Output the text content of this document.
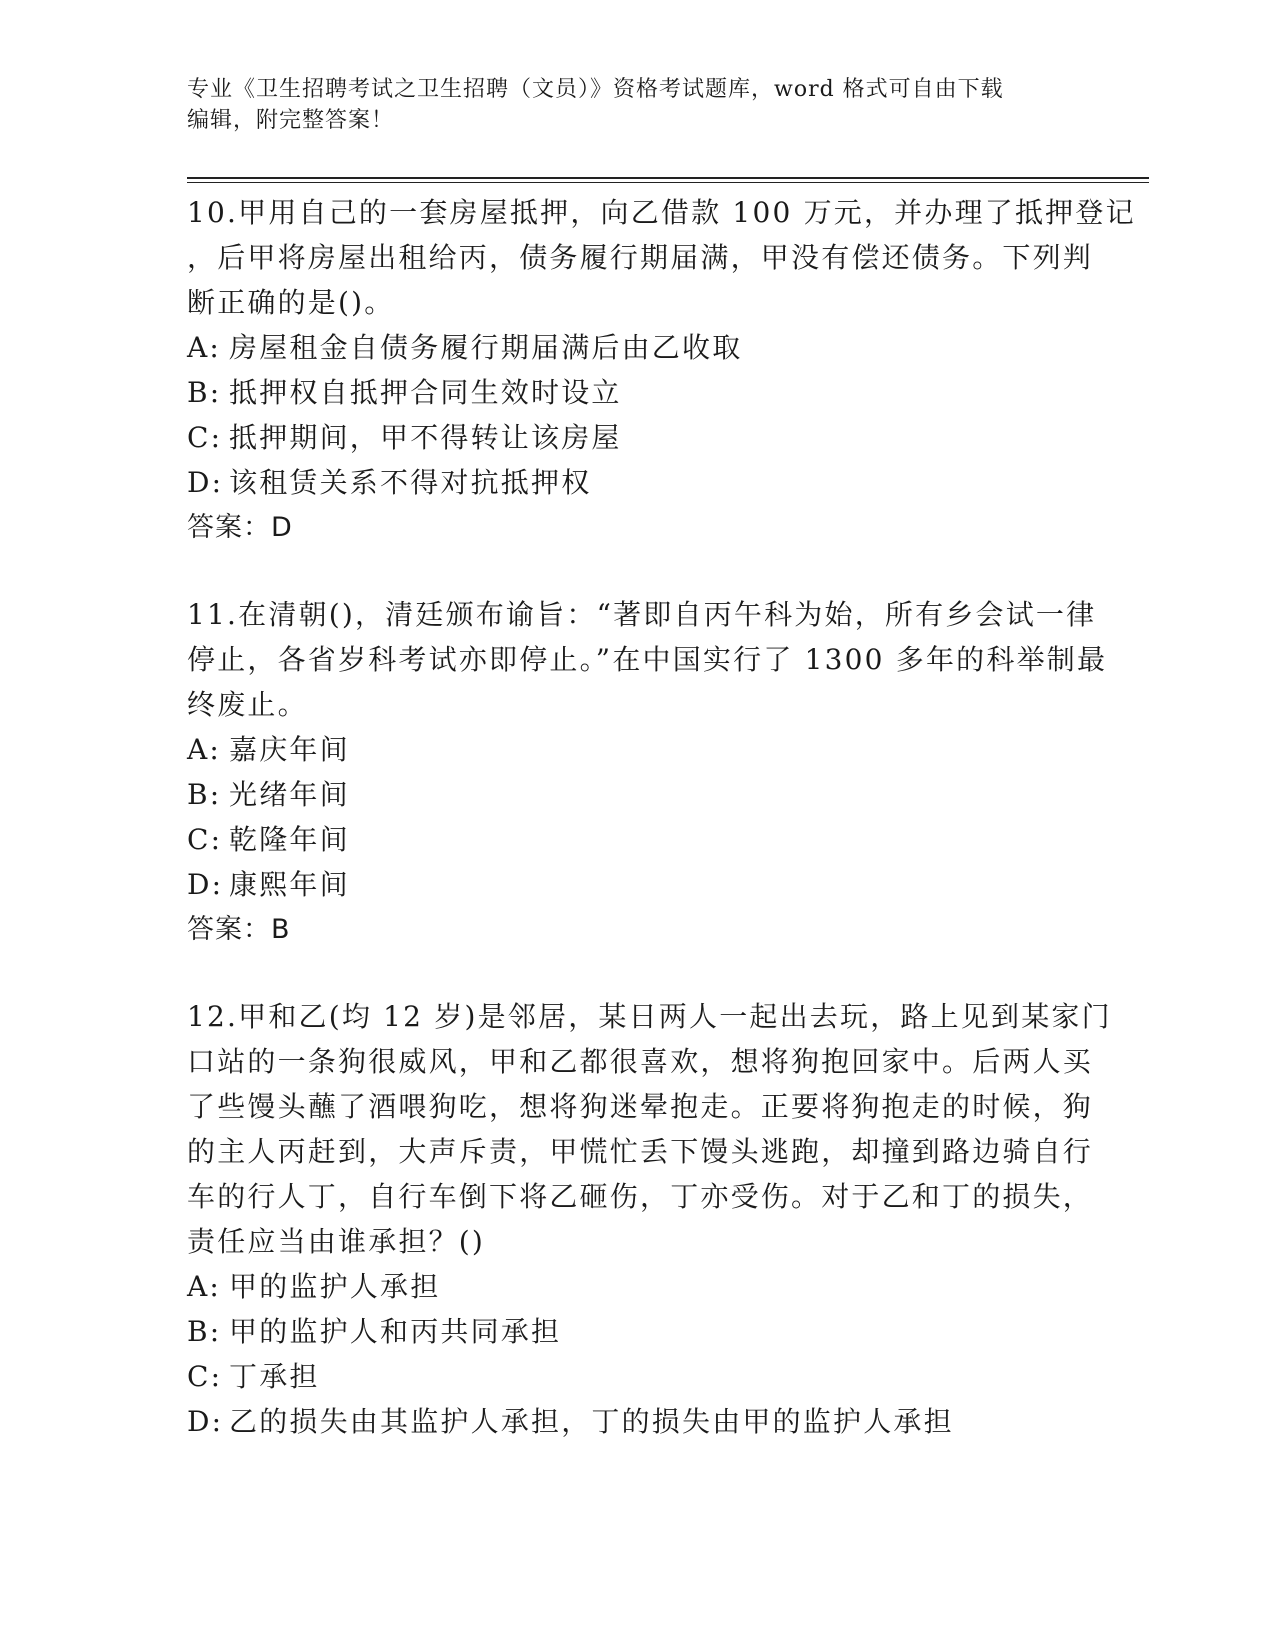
专业《卫生招聘考试之卫生招聘（文员）》资格考试题库，word 格式可自由下载
编辑，附完整答案！
10.甲用自己的一套房屋抵押，向乙借款 100 万元，并办理了抵押登记
，后甲将房屋出租给丙，债务履行期届满，甲没有偿还债务。下列判
断正确的是()。
A: 房屋租金自债务履行期届满后由乙收取
B: 抵押权自抵押合同生效时设立
C: 抵押期间，甲不得转让该房屋
D: 该租赁关系不得对抗抵押权
答案：D
11.在清朝()，清廷颁布谕旨：“著即自丙午科为始，所有乡会试一律
停止，各省岁科考试亦即停止。”在中国实行了 1300 多年的科举制最
终废止。
A: 嘉庆年间
B: 光绪年间
C: 乾隆年间
D: 康熙年间
答案：B
12.甲和乙(均 12 岁)是邻居，某日两人一起出去玩，路上见到某家门
口站的一条狗很威风，甲和乙都很喜欢，想将狗抱回家中。后两人买
了些馒头蘸了酒喂狗吃，想将狗迷晕抱走。正要将狗抱走的时候，狗
的主人丙赶到，大声斥责，甲慌忙丢下馒头逃跑，却撞到路边骑自行
车的行人丁，自行车倒下将乙砸伤，丁亦受伤。对于乙和丁的损失，
责任应当由谁承担？()
A: 甲的监护人承担
B: 甲的监护人和丙共同承担
C: 丁承担
D: 乙的损失由其监护人承担，丁的损失由甲的监护人承担
